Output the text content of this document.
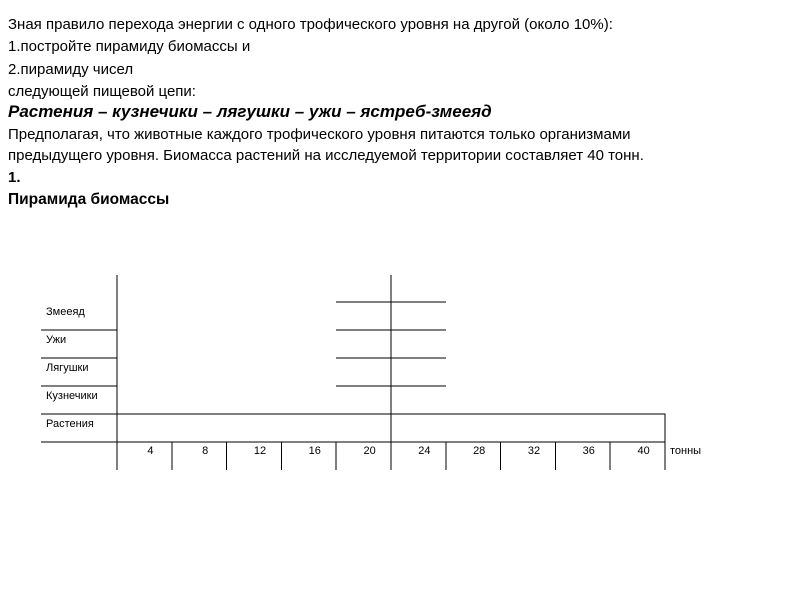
Зная правило перехода энергии с одного трофического уровня на другой (около 10%):
1.постройте пирамиду биомассы и
2.пирамиду чисел
следующей пищевой цепи:
Растения – кузнечики – лягушки – ужи – ястреб-змееяд
Предполагая, что животные каждого трофического уровня питаются только организмами
предыдущего уровня. Биомасса растений на исследуемой территории составляет 40 тонн.
1.
Пирамида биомассы
Змееяд
Ужи
Лягушки
Кузнечики
Растения
4	8	12	16	20	24	28	32	36	40 тонны
